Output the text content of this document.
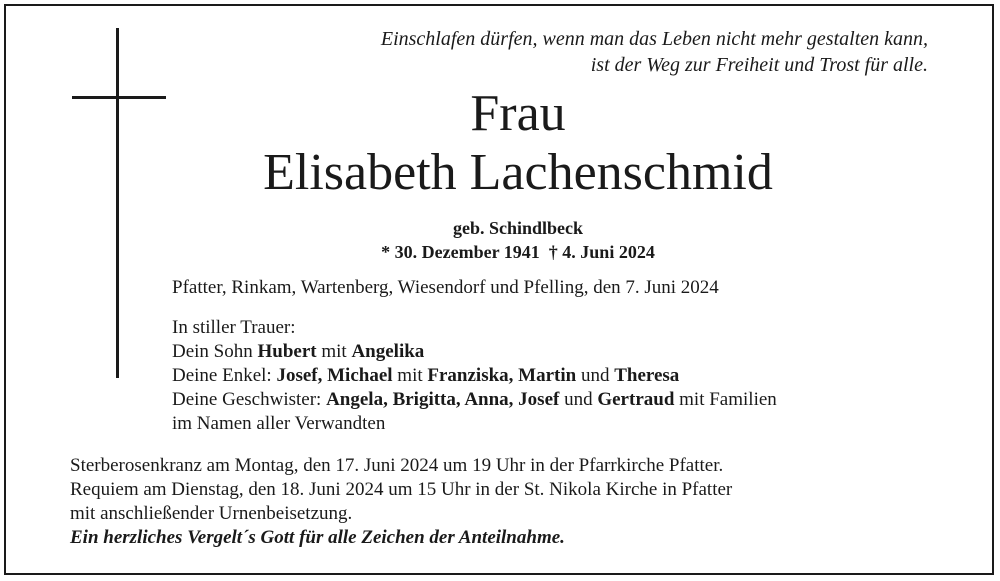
Einschlafen dürfen, wenn man das Leben nicht mehr gestalten kann,
ist der Weg zur Freiheit und Trost für alle.
Frau
Elisabeth Lachenschmid
geb. Schindlbeck
* 30. Dezember 1941  † 4. Juni 2024
Pfatter, Rinkam, Wartenberg, Wiesendorf und Pfelling, den 7. Juni 2024
In stiller Trauer:
Dein Sohn Hubert mit Angelika
Deine Enkel: Josef, Michael mit Franziska, Martin und Theresa
Deine Geschwister: Angela, Brigitta, Anna, Josef und Gertraud mit Familien
im Namen aller Verwandten
Sterberosenkranz am Montag, den 17. Juni 2024 um 19 Uhr in der Pfarrkirche Pfatter.
Requiem am Dienstag, den 18. Juni 2024 um 15 Uhr in der St. Nikola Kirche in Pfatter
mit anschließender Urnenbeisetzung.
Ein herzliches Vergelt´s Gott für alle Zeichen der Anteilnahme.
